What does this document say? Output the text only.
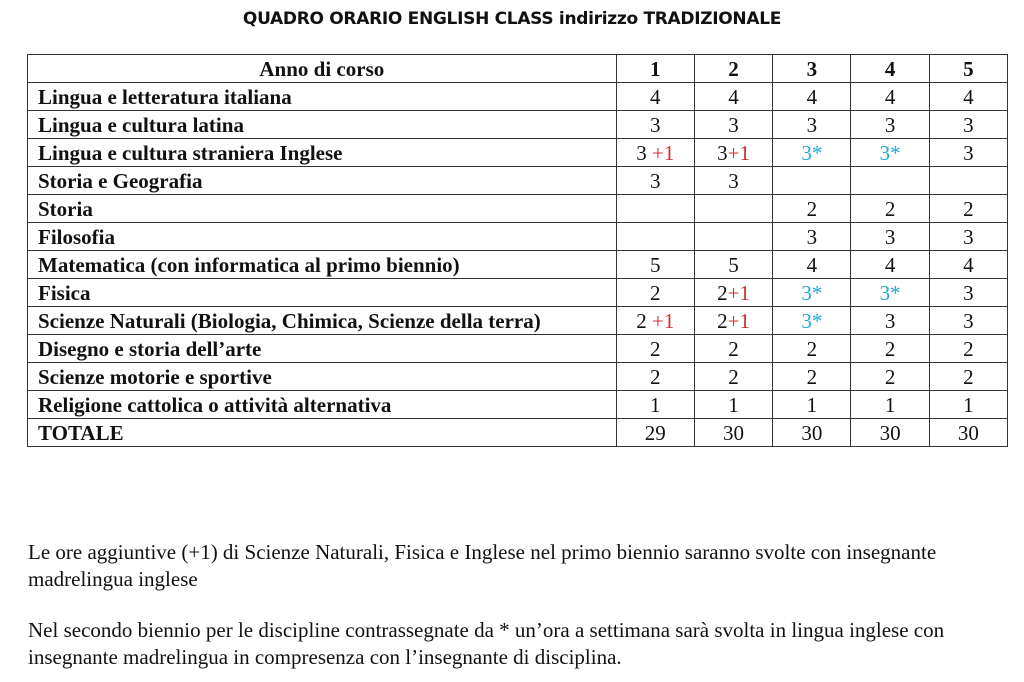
QUADRO ORARIO ENGLISH CLASS indirizzo TRADIZIONALE
Anno di corso	1	2	3	4	5
Lingua e letteratura italiana	4	4	4	4	4
Lingua e cultura latina	3	3	3	3	3
Lingua e cultura straniera Inglese	3 +1	3+1	3*	3*	3
Storia e Geografia	3	3			
Storia			2	2	2
Filosofia			3	3	3
Matematica (con informatica al primo biennio)	5	5	4	4	4
Fisica	2	2+1	3*	3*	3
Scienze Naturali (Biologia, Chimica, Scienze della terra)	2 +1	2+1	3*	3	3
Disegno e storia dell’arte	2	2	2	2	2
Scienze motorie e sportive	2	2	2	2	2
Religione cattolica o attività alternativa	1	1	1	1	1
TOTALE	29	30	30	30	30
Le ore aggiuntive (+1) di Scienze Naturali, Fisica e Inglese nel primo biennio saranno svolte con insegnante madrelingua inglese
Nel secondo biennio per le discipline contrassegnate da * un’ora a settimana sarà svolta in lingua inglese con insegnante madrelingua in compresenza con l’insegnante di disciplina.
